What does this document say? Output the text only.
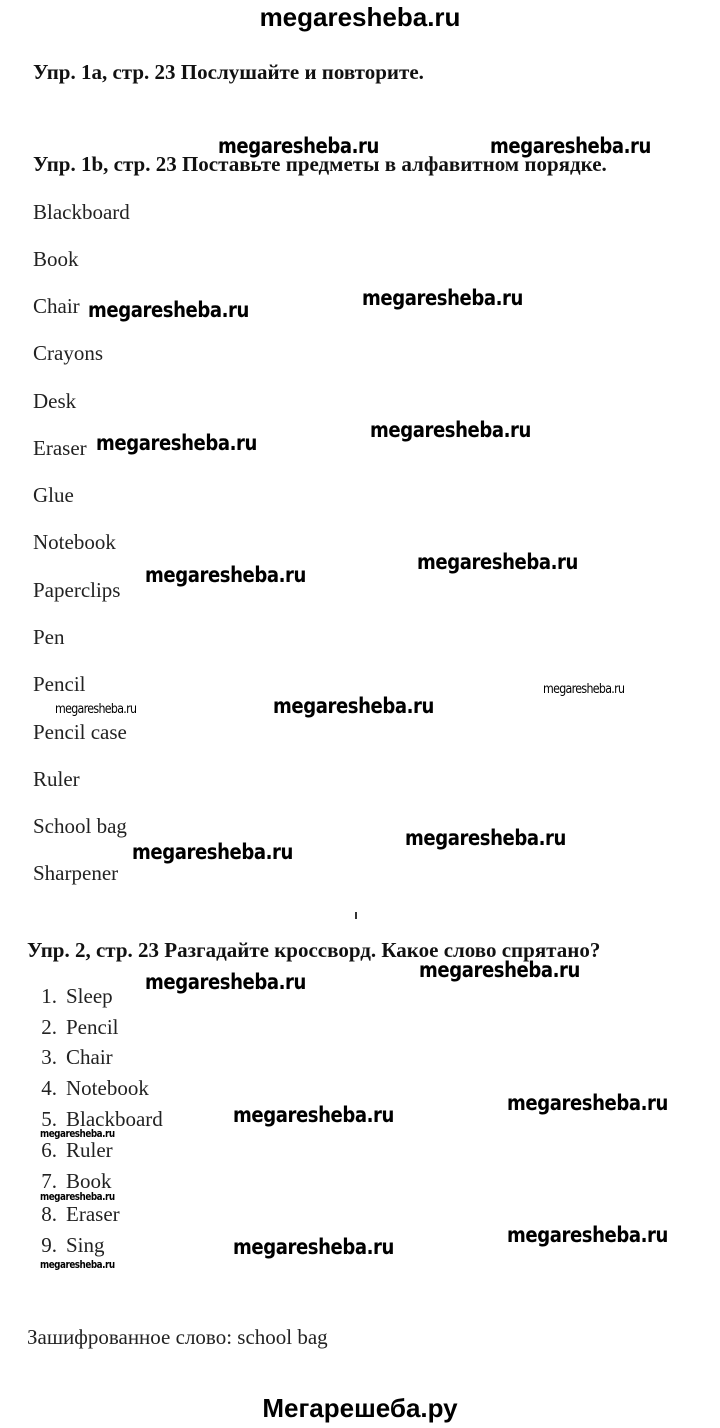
megaresheba.ru
Упр. 1а, стр. 23 Послушайте и повторите.
Упр. 1b, стр. 23 Поставьте предметы в алфавитном порядке.
Blackboard
Book
Chair
Crayons
Desk
Eraser
Glue
Notebook
Paperclips
Pen
Pencil
Pencil case
Ruler
School bag
Sharpener
Упр. 2, стр. 23 Разгадайте кроссворд. Какое слово спрятано?
1. Sleep
2. Pencil
3. Chair
4. Notebook
5. Blackboard
6. Ruler
7. Book
8. Eraser
9. Sing
Зашифрованное слово: school bag
megaresheba.ru	megaresheba.ru
megaresheba.ru
megaresheba.ru
megaresheba.ru
megaresheba.ru
megaresheba.ru
megaresheba.ru
megaresheba.ru
megaresheba.ru
megaresheba.ru
megaresheba.ru
megaresheba.ru
megaresheba.ru
megaresheba.ru
megaresheba.ru
megaresheba.ru
megaresheba.ru
megaresheba.ru
megaresheba.ru
megaresheba.ru
megaresheba.ru
Мегарешеба.ру
